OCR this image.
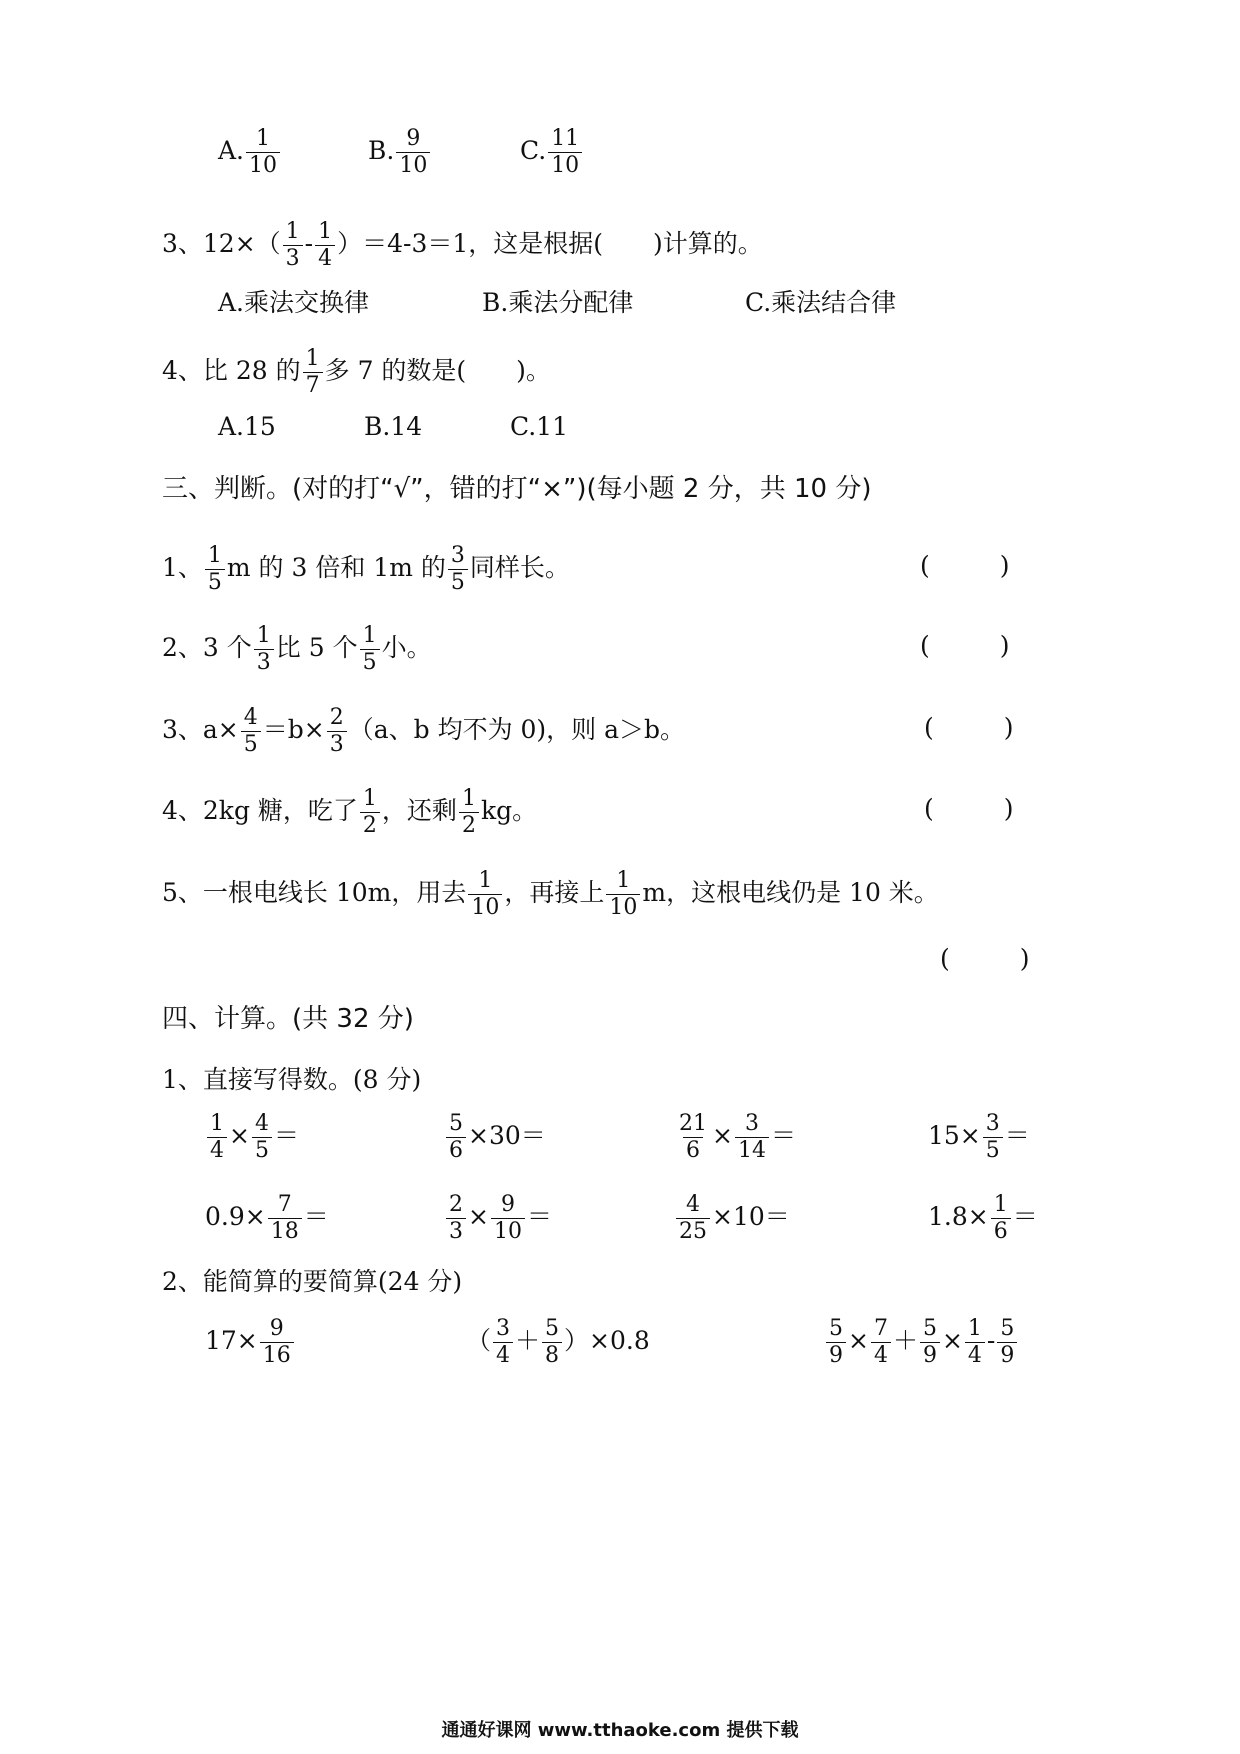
A. $\frac{1}{10}$	B. $\frac{9}{10}$	C. $\frac{11}{10}$
3、$12\times( \frac{1}{3} - \frac{1}{4} )=4-3=1$，这是根据(　　)计算的。
A.乘法交换律	B.乘法分配律	C.乘法结合律
4、比 28 的 $\frac{1}{7}$ 多 7 的数是(　　)。
A.15	B.14	C.11
三、判断。(对的打“√”，错的打“×”)(每小题 2 分，共 10 分)
1、 $\frac{1}{5}$ m 的 3 倍和 1m 的 $\frac{3}{5}$ 同样长。	(	)
2、3 个 $\frac{1}{3}$ 比 5 个 $\frac{1}{5}$ 小。	(	)
3、$a\times \frac{4}{5} =b\times \frac{2}{3} (a$、b 均不为 0)，则 a＞b。	(	)
4、2kg 糖，吃了 $\frac{1}{2}$ ，还剩 $\frac{1}{2}$ kg。	(	)
5、一根电线长 10m，用去 $\frac{1}{10}$ ，再接上 $\frac{1}{10}$ m，这根电线仍是 10 米。
(	)
四、计算。(共 32 分)
1、直接写得数。(8 分)
$\frac{1}{4} \times \frac{4}{5}$ ＝	$\frac{5}{6} \times 30=$	$\frac{21}{6} \times \frac{3}{14}$ ＝	$15\times \frac{3}{5}$ ＝
$0.9\times \frac{7}{18}$ ＝	$\frac{2}{3} \times \frac{9}{10}$ ＝	$\frac{4}{25} \times 10=$	$1.8\times \frac{1}{6}$ ＝
2、能简算的要简算(24 分)
$17\times \frac{9}{16}$	（ $\frac{3}{4} + \frac{5}{8} )\times 0.8$	$\frac{5}{9} \times \frac{7}{4} + \frac{5}{9} \times \frac{1}{4} - \frac{5}{9}$
通通好课网 www.tthaoke.com 提供下载
